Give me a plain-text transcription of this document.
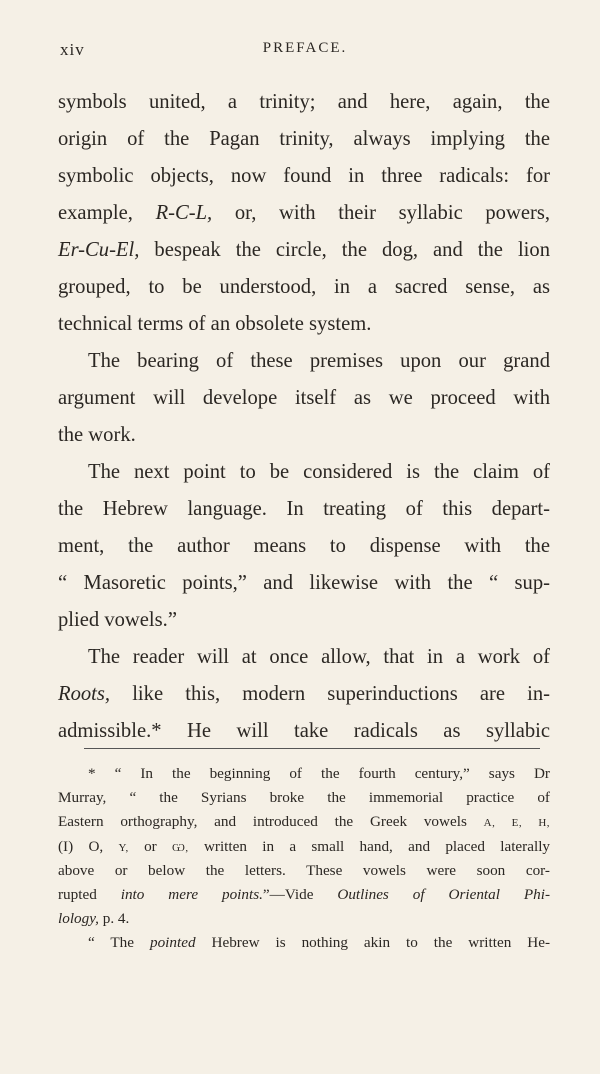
xiv	PREFACE.
symbols united, a trinity; and here, again, the
origin of the Pagan trinity, always implying the
symbolic objects, now found in three radicals: for
example, R-C-L, or, with their syllabic powers,
Er-Cu-El, bespeak the circle, the dog, and the lion
grouped, to be understood, in a sacred sense, as
technical terms of an obsolete system.
The bearing of these premises upon our grand
argument will develope itself as we proceed with
the work.
The next point to be considered is the claim of
the Hebrew language. In treating of this depart-
ment, the author means to dispense with the
“ Masoretic points,” and likewise with the “ sup-
plied vowels.”
The reader will at once allow, that in a work of
Roots, like this, modern superinductions are in-
admissible.* He will take radicals as syllabic
* “ In the beginning of the fourth century,” says Dr
Murray, “ the Syrians broke the immemorial practice of
Eastern orthography, and introduced the Greek vowels A, E, H,
(I) O, Y, or Ѡ, written in a small hand, and placed laterally
above or below the letters. These vowels were soon cor-
rupted into mere points.”—Vide Outlines of Oriental Phi-
lology, p. 4.
“ The pointed Hebrew is nothing akin to the written He-
